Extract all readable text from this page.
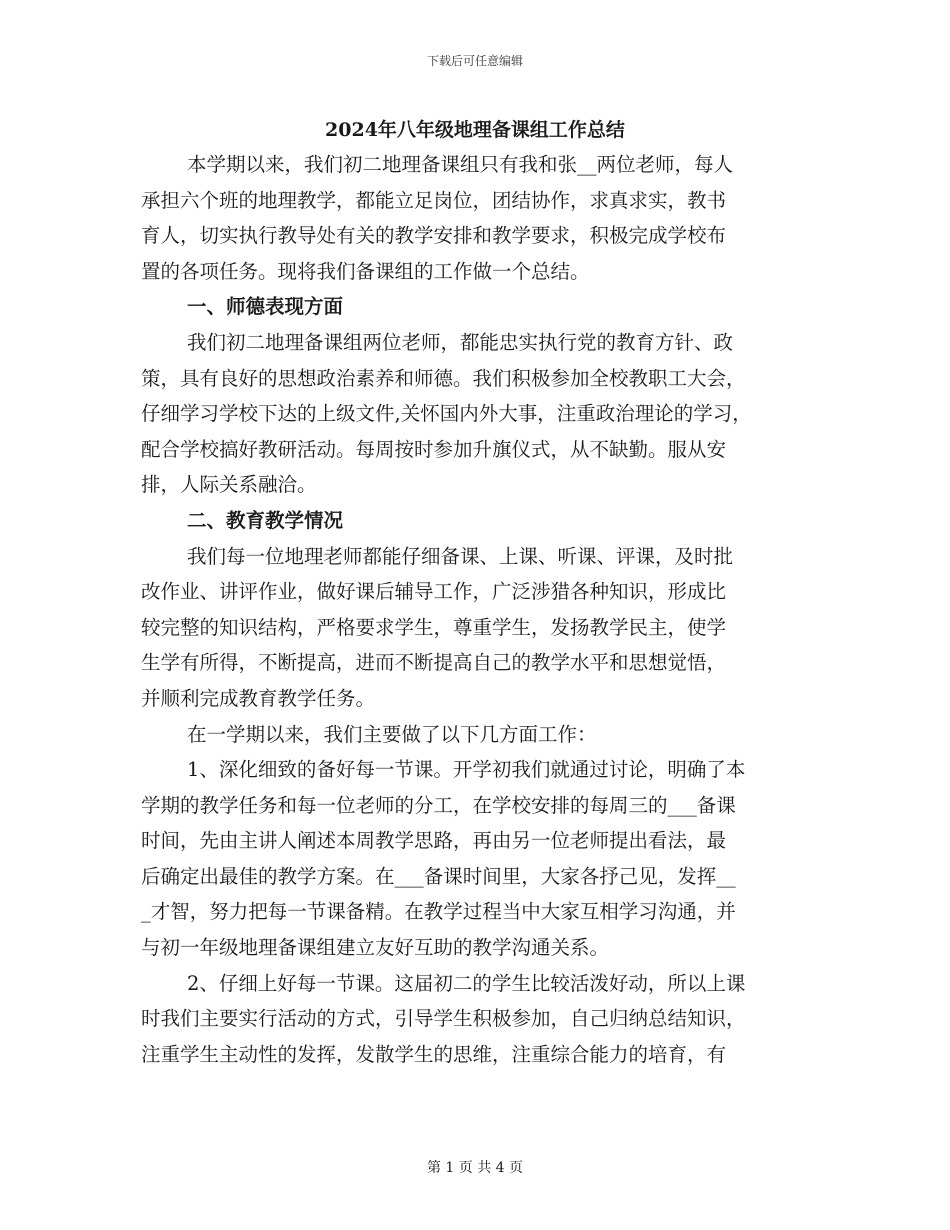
下载后可任意编辑
2024年八年级地理备课组工作总结
本学期以来，我们初二地理备课组只有我和张__两位老师，每人
承担六个班的地理教学，都能立足岗位，团结协作，求真求实，教书
育人，切实执行教导处有关的教学安排和教学要求，积极完成学校布
置的各项任务。现将我们备课组的工作做一个总结。
一、师德表现方面
我们初二地理备课组两位老师，都能忠实执行党的教育方针、政
策，具有良好的思想政治素养和师德。我们积极参加全校教职工大会，
仔细学习学校下达的上级文件,关怀国内外大事，注重政治理论的学习，
配合学校搞好教研活动。每周按时参加升旗仪式，从不缺勤。服从安
排，人际关系融洽。
二、教育教学情况
我们每一位地理老师都能仔细备课、上课、听课、评课，及时批
改作业、讲评作业，做好课后辅导工作，广泛涉猎各种知识，形成比
较完整的知识结构，严格要求学生，尊重学生，发扬教学民主，使学
生学有所得，不断提高，进而不断提高自己的教学水平和思想觉悟，
并顺利完成教育教学任务。
在一学期以来，我们主要做了以下几方面工作：
1、深化细致的备好每一节课。开学初我们就通过讨论，明确了本
学期的教学任务和每一位老师的分工，在学校安排的每周三的___备课
时间，先由主讲人阐述本周教学思路，再由另一位老师提出看法，最
后确定出最佳的教学方案。在___备课时间里，大家各抒己见，发挥__
_才智，努力把每一节课备精。在教学过程当中大家互相学习沟通，并
与初一年级地理备课组建立友好互助的教学沟通关系。
2、仔细上好每一节课。这届初二的学生比较活泼好动，所以上课
时我们主要实行活动的方式，引导学生积极参加，自己归纳总结知识，
注重学生主动性的发挥，发散学生的思维，注重综合能力的培育，有
第 1 页 共 4 页
